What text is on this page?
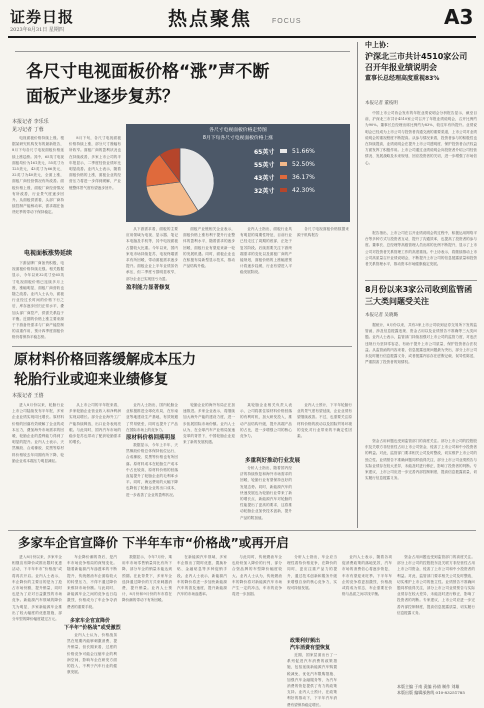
证券日报
2023年8月31日 星期四	热点聚焦	FOCUS	A3
各尺寸电视面板价格“涨”声不断
面板产业逐步复苏？
本报记者 李乐乐
见习记者 丁蓉

电视面板价格持续上涨。根据某研究机构发布的最新报告，8月下旬各尺寸电视面板价格延续上涨趋势。其中，65英寸电视面板均价为161美元，55英寸为125美元，43英寸为66美元，32英寸为40美元，全面上涨，面板厂商经营情况有所改善。面板价格上涨，面板厂商经营情况有所改善，行业景气度逐步回升。从面板供需看，头部厂商持续控制产能稼动率，需求端在备货旺季的带动下保持稳定。

电视面板涨势延续

下游品牌厂商备货积极，电视面板价格持续走强。相关数据显示，今年以来32英寸至65英寸电视面板价格已连续多月上涨，涨幅明显，面板厂商营收也随之改善。业内人士认为，面板行业经过长时间的价格下行之后，库存逐步回归正常水平，叠加头部厂商控产，供需关系趋于平衡。近期的价格上涨主要来源于下游备货需求与厂商产能控制的双重作用，预计四季度面板价格仍将保持平稳态势。

8月下旬，各尺寸电视面板价格持续上涨，部分尺寸涨幅有所收窄。面板厂商的盈利状况也在持续改善，多家上市公司的半年报显示，二季度经营业绩环比明显改善。业内人士表示，随着面板价格的上涨，面板企业的经营压力将进一步得到缓解，产业链整体景气度有望逐步回升。

从下游需求看，面板的主要应用领域为电视、显示器、笔记本电脑及手机等，其中电视面板占据较大比重。今年以来，国内家电市场持续复苏，电视终端需求有所回暖，带动面板需求逐步提升。面板企业上半年业绩虽仍承压，但二季度亏损明显收窄，部分企业已实现扭亏为盈。

盈利能力显著修复

面板产业链相关企业表示，面板价格上涨有利于提升行业整体的盈利水平，随着需求的逐步回暖，面板行业有望迎来新一轮的发展机遇。同时，面板企业也在积极布局新型显示技术，推动产品结构升级。

业内人士指出，面板行业具有明显的周期性特征，目前行业已经走过了周期的底部，正处于复苏阶段。后续需要关注下游终端需求的变化以及面板厂商的产能规划，面板价格的上涨幅度预计将逐步趋缓，行业有望进入平稳发展阶段。

各尺寸电视面板价格数据来源于机构报告

各尺寸电视面板价格走势图
8月下旬各尺寸电视面板价格上涨
65英寸	51.66%
55英寸	52.50%
43英寸	36.17%
32英寸	42.30%
中上协：
沪深北三市共计4510家公司
召开年报业绩说明会
董事长总经理高度重视83%
本报记者 董枝明

中国上市公司协会发布的年报业绩说明会分析报告显示，截至目前，沪深北三市共计4510家公司召开了年报业绩说明会，召开比例约为90%。董事长总经理出席比例约为83%，较往年有所提升。业绩说明会已经成为上市公司与投资者沟通交流的重要渠道，上市公司对业绩说明会的重视程度不断提高。从参与情况来看，投资者参与的积极性也在持续提高，业绩说明会在提升上市公司透明度、保护投资者合法权益方面发挥了积极作用。上市公司通过业绩说明会向投资者介绍公司经营情况、发展战略及未来规划，回应投资者的关切，进一步增强了市场信心。

报告指出，上市公司在召开业绩说明会的过程中，积极运用网络平台等多种方式与投资者互动，提升了沟通效率，也提高了投资者的参与度。董事长、总经理等高级管理人员出席的比例不断提升，显示了上市公司对投资者关系管理工作的高度重视。中上协表示，将继续推动上市公司高质量召开业绩说明会，不断提升上市公司的信息披露质量和投资者关系管理水平，推动资本市场健康稳定发展。

8月份以来3家公司收到监管函
三大类问题受关注
本报记者 吴晓璐

据统计，8月份以来，共有3家上市公司收到证券交易所下发的监管函，涉及信息披露违规、资金占用以及业绩预告不准确等三大类问题。业内人士表示，监管部门持续加强对上市公司的监管力度，对违法违规行为坚持零容忍，有助于提升上市公司质量，保护投资者合法权益。从监管函的内容来看，信息披露违规问题最为突出，部分上市公司未及时履行信息披露义务，或者披露内容存在虚假记载、误导性陈述，严重损害了投资者的知情权。

资金占用问题也受到监管部门的高度关注。部分上市公司的控股股东及关联方非经营性占用上市公司资金，侵害了上市公司和中小投资者的利益。对此，监管部门要求相关公司及时整改，切实维护上市公司的独立性。业绩预告不准确问题同样值得关注，部分上市公司业绩预告与实际业绩存在较大差异，未能及时进行修正，影响了投资者的判断。专家建议，上市公司应进一步完善内部控制制度，提高信息披露质量，切实履行信息披露义务。

原材料价格回落缓解成本压力
轮胎行业或迎来业绩修复
本报记者 王僖

进入8月份以来，轮胎行业上市公司陆续发布半年报，多家企业业绩实现同比增长。原材料价格的回落有效缓解了企业的成本压力，叠加海外市场需求的回暖，轮胎企业的盈利能力得到了明显的提升。业内人士表示，天然橡胶、合成橡胶、炭黑等原材料价格较去年同期有所下降，轮胎企业成本端压力明显减轻。

从上市公司的半年报来看，多家轮胎企业营业收入和净利润实现双增长。部分企业海外工厂产能持续释放，出口业务表现亮眼。与此同时，国内汽车市场的稳步复苏也带动了配套轮胎需求的增长。

业内人士指出，国内轮胎企业积极推进全球化布局，在东南亚等地建设生产基地，有效规避了贸易壁垒，同时也提升了产品在国际市场上的竞争力。

原材料价格回落明显

数据显示，今年上半年，天然橡胶价格总体保持低位运行，合成橡胶、炭黑等价格也有所回落。原材料成本在轮胎生产成本中占比较高，原材料价格的回落直接提升了轮胎企业的毛利率水平。同时，海运费用的大幅下降也降低了轮胎企业的出口成本，进一步改善了企业的盈利状况。

轮胎企业的海外布局正在加速推进。多家企业表示，将继续加大海外产能的建设力度，进一步拓展国际市场份额。业内人士认为，在全球汽车产业格局加速变革的背景下，中国轮胎企业迎来了新的发展机遇。

某轮胎企业相关负责人表示，公司将抓住原材料价格回落的有利时机，加大研发投入，推动产品结构升级，提升高端产品的占比，进一步增强公司的核心竞争力。

多重利好推动行业发展

分析人士指出，随着国内经济的持续恢复和海外市场需求的回暖，轮胎行业有望保持良好的发展态势。同时，新能源汽车的快速发展也为轮胎行业带来了新的增长点，新能源汽车对轮胎的性能提出了更高的要求，这将推动轮胎企业加快技术创新，提升产品的附加值。

业内人士预计，下半年轮胎行业的景气度有望延续，企业业绩有望继续改善。不过，也需要关注原材料价格的波动以及国际贸易环境的变化对行业带来的不确定性因素。

多家车企官宣降价 下半年车市“价格战”或再开启

进入8月份以来，多家车企相继宣布降价或推出限时优惠活动，下半年车市“价格战”或将再次开启。业内人士表示，车企降价的主要目的是为了抢占市场份额，提升销量，同时也是为了应对日益激烈的市场竞争。新能源汽车领域的降价尤为明显，多家新能源车企推出了较大幅度的优惠措施，部分车型的降价幅度超过万元。

车企降价潮的背后，是汽车市场竞争格局的深刻变化。随着新能源汽车渗透率的不断提升，传统燃油车企面临较大的转型压力，不得不通过降价来维持市场份额。与此同时，新能源车企之间的竞争也日趋激烈，价格成为了车企争夺消费者的重要手段。

多家车企官宣降价
下半年“价格战”或受激烈

业内人士认为，价格战虽然在短期内能够刺激消费，提升销量，但长期来看，过度的价格竞争可能会压缩车企的利润空间，影响车企在研发方面的投入，不利于汽车行业的健康发展。

数据显示，今年7月份，乘用车市场零售销量同比有所下降，部分车企的销量未能达到预期。在此背景下，多家车企选择通过降价的方式来刺激消费，提升销量。业内人士预计，8月份和9月份的车市将在降价潮的带动下有所回暖。

在新能源汽车领域，多家车企推出了限时优惠、置换补贴、金融贴息等多种促销手段。业内人士表示，新能源汽车的降价将进一步加快新能源汽车的普及速度，提升新能源汽车的市场渗透率。

与此同时，传统燃油车企也纷纷加入降价的行列，部分合资品牌的车型降价幅度较大。业内人士认为，传统燃油车的降价将对新能源汽车市场产生一定的冲击，车市的竞争将进一步加剧。

分析人士指出，车企应当理性看待价格竞争，在降价的同时，更应注重产品力的提升，通过技术创新和服务升级来增强自身的核心竞争力，实现可持续发展。

政策利好频出
汽车消费有望恢复

近期，国家层面出台了一系列促进汽车消费的政策措施，包括延续新能源汽车购置税减免、优化汽车限购措施、加强汽车金融服务等，为汽车消费的恢复提供了有力的政策支持。业内人士预计，在政策利好的推动下，下半年汽车消费有望保持稳定增长。

业内人士表示，随着各项促消费政策的落地见效，汽车市场的消费信心将逐步恢复，车市有望迎来旺季。下半年车企的竞争将更加激烈，价格战或将成为常态，车企需要在价格与品质之间寻找平衡。

资金占用问题也受到监管部门的高度关注。部分上市公司的控股股东及关联方非经营性占用上市公司资金，侵害了上市公司和中小投资者的利益。对此，监管部门要求相关公司及时整改，切实维护上市公司的独立性。业绩预告不准确问题同样值得关注，部分上市公司业绩预告与实际业绩存在较大差异，未能及时进行修正，影响了投资者的判断。专家建议，上市公司应进一步完善内部控制制度，提高信息披露质量，切实履行信息披露义务。

本版主编 于南 责编 孙倩 制作 刘雄
本版出版 编辑部热线 010-83251785
